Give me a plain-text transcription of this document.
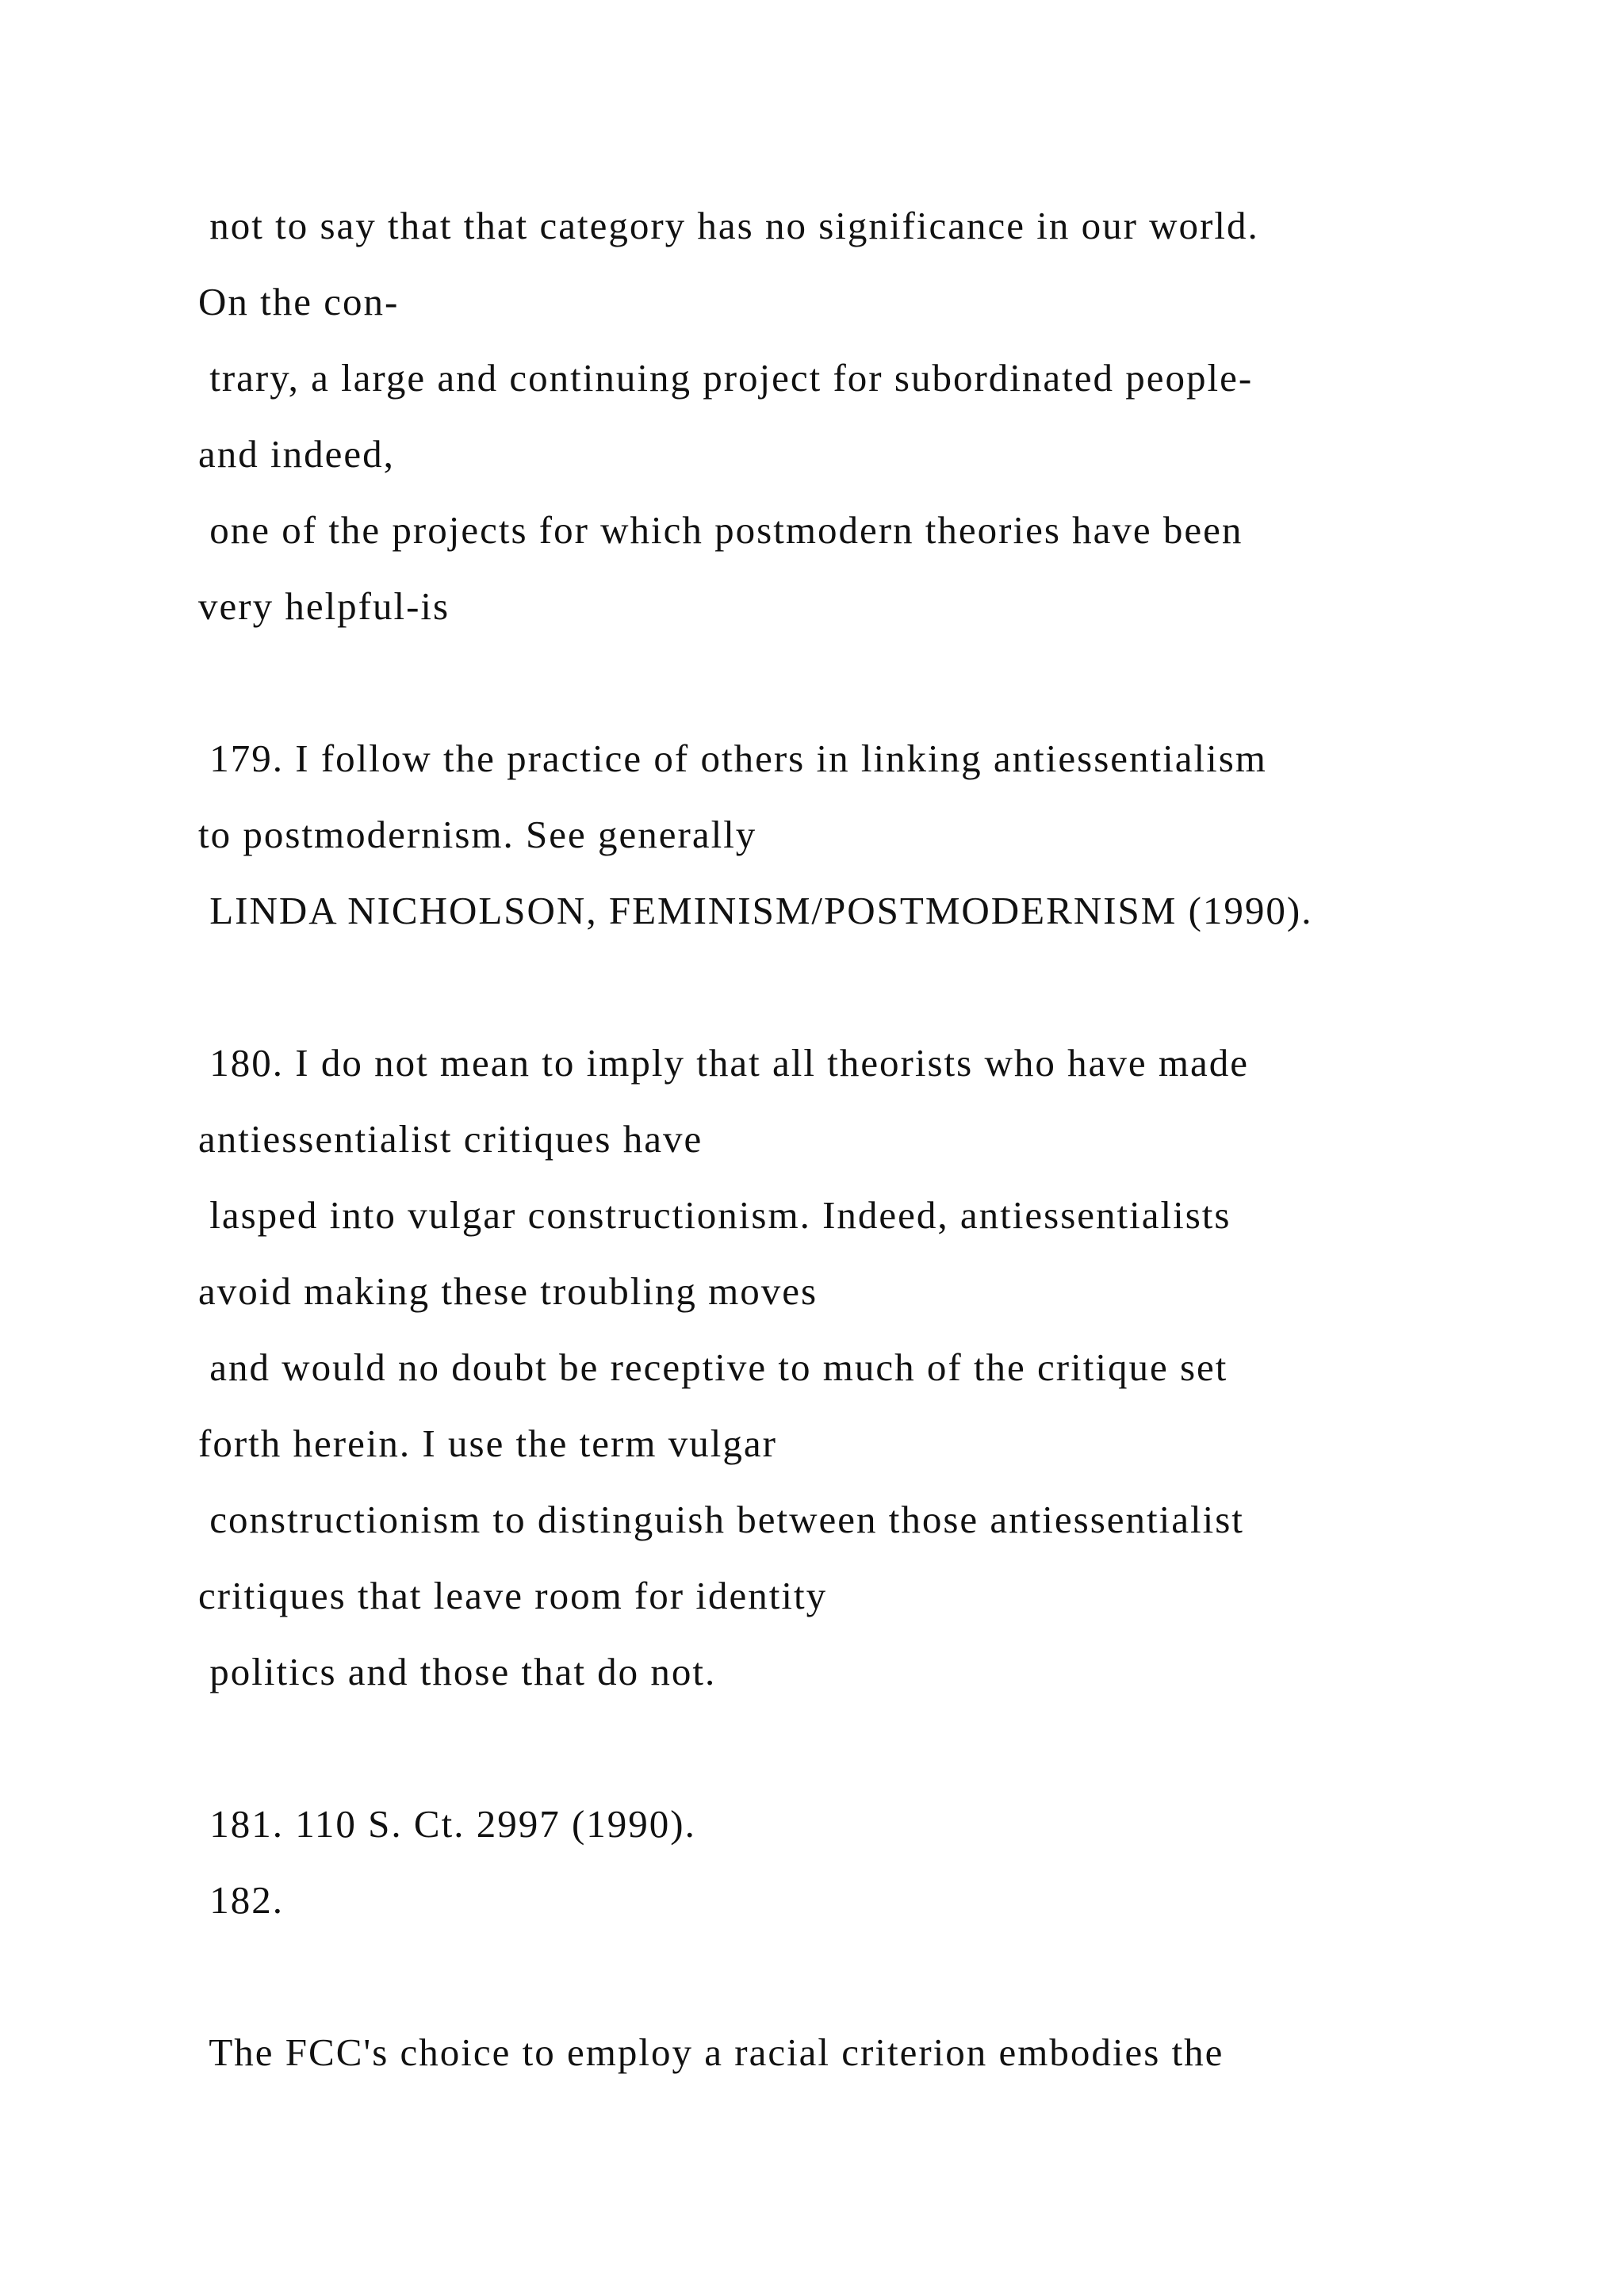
not to say that that category has no significance in our world.
On the con-
trary, a large and continuing project for subordinated people-
and indeed,
one of the projects for which postmodern theories have been
very helpful-is
179. I follow the practice of others in linking antiessentialism
to postmodernism. See generally
LINDA NICHOLSON, FEMINISM/POSTMODERNISM (1990).
180. I do not mean to imply that all theorists who have made
antiessentialist critiques have
lasped into vulgar constructionism. Indeed, antiessentialists
avoid making these troubling moves
and would no doubt be receptive to much of the critique set
forth herein. I use the term vulgar
constructionism to distinguish between those antiessentialist
critiques that leave room for identity
politics and those that do not.
181. 110 S. Ct. 2997 (1990).
182.
The FCC's choice to employ a racial criterion embodies the
